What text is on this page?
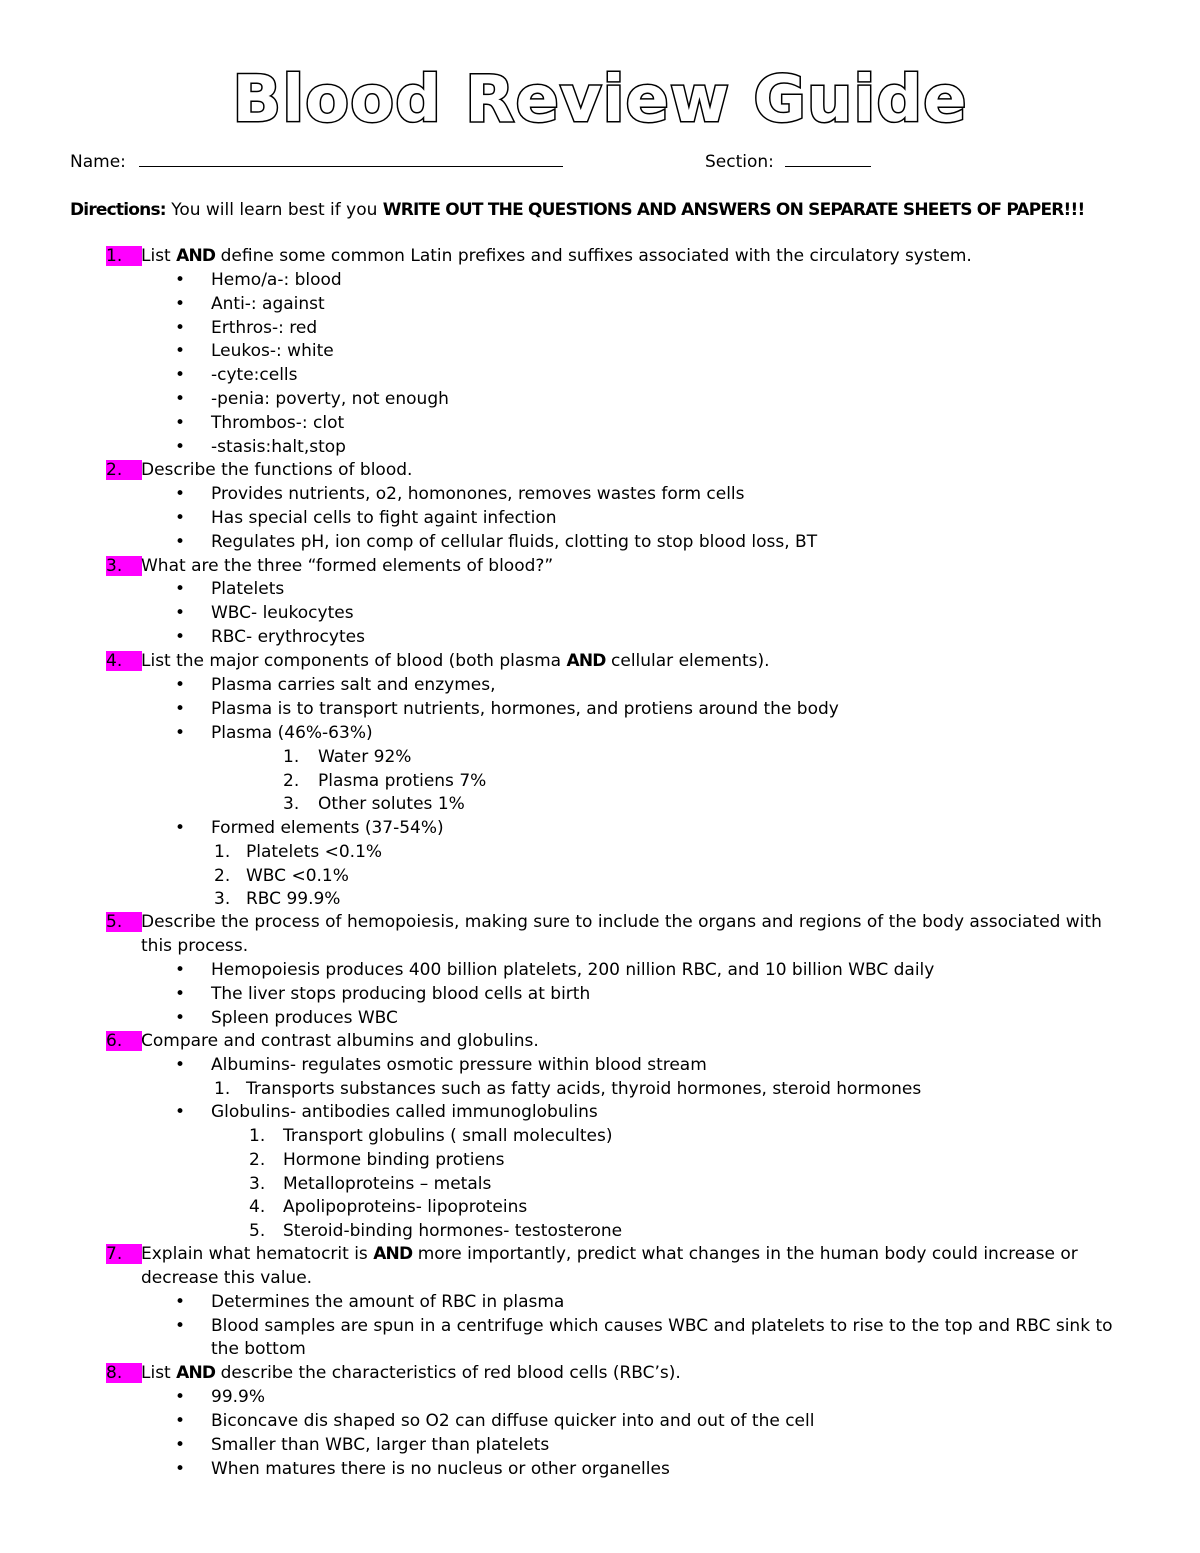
Blood Review Guide
Name:	Section:
Directions: You will learn best if you WRITE OUT THE QUESTIONS AND ANSWERS ON SEPARATE SHEETS OF PAPER!!!
1. List AND define some common Latin prefixes and suffixes associated with the circulatory system.
• Hemo/a-: blood
• Anti-: against
• Erthros-: red
• Leukos-: white
• -cyte:cells
• -penia: poverty, not enough
• Thrombos-: clot
• -stasis:halt,stop
2. Describe the functions of blood.
• Provides nutrients, o2, homonones, removes wastes form cells
• Has special cells to fight againt infection
• Regulates pH, ion comp of cellular fluids, clotting to stop blood loss, BT
3. What are the three “formed elements of blood?”
• Platelets
• WBC- leukocytes
• RBC- erythrocytes
4. List the major components of blood (both plasma AND cellular elements).
• Plasma carries salt and enzymes,
• Plasma is to transport nutrients, hormones, and protiens around the body
• Plasma (46%-63%)
1. Water 92%
2. Plasma protiens 7%
3. Other solutes 1%
• Formed elements (37-54%)
1. Platelets <0.1%
2. WBC <0.1%
3. RBC 99.9%
5. Describe the process of hemopoiesis, making sure to include the organs and regions of the body associated with
this process.
• Hemopoiesis produces 400 billion platelets, 200 nillion RBC, and 10 billion WBC daily
• The liver stops producing blood cells at birth
• Spleen produces WBC
6. Compare and contrast albumins and globulins.
• Albumins- regulates osmotic pressure within blood stream
1. Transports substances such as fatty acids, thyroid hormones, steroid hormones
• Globulins- antibodies called immunoglobulins
1. Transport globulins ( small molecultes)
2. Hormone binding protiens
3. Metalloproteins – metals
4. Apolipoproteins- lipoproteins
5. Steroid-binding hormones- testosterone
7. Explain what hematocrit is AND more importantly, predict what changes in the human body could increase or
decrease this value.
• Determines the amount of RBC in plasma
• Blood samples are spun in a centrifuge which causes WBC and platelets to rise to the top and RBC sink to
the bottom
8. List AND describe the characteristics of red blood cells (RBC’s).
• 99.9%
• Biconcave dis shaped so O2 can diffuse quicker into and out of the cell
• Smaller than WBC, larger than platelets
• When matures there is no nucleus or other organelles
